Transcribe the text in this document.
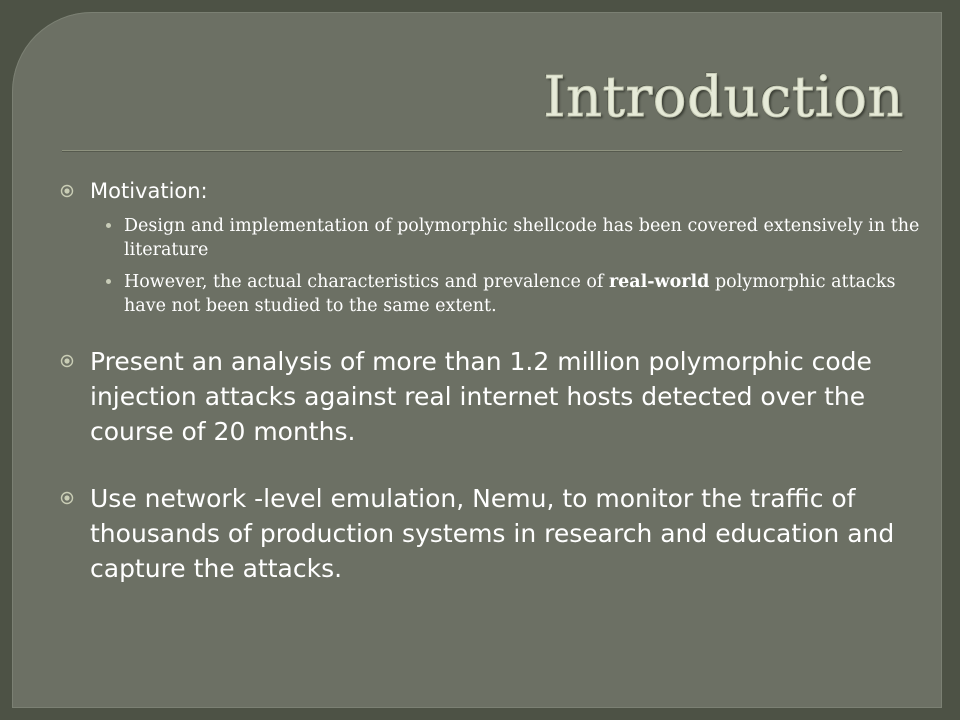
Introduction
Motivation:
Design and implementation of polymorphic shellcode has been covered extensively in the literature
However, the actual characteristics and prevalence of real-world polymorphic attacks have not been studied to the same extent.
Present an analysis of more than 1.2 million polymorphic code injection attacks against real internet hosts detected over the course of 20 months.
Use network -level emulation, Nemu, to monitor the traffic of thousands of production systems in research and education and capture the attacks.
